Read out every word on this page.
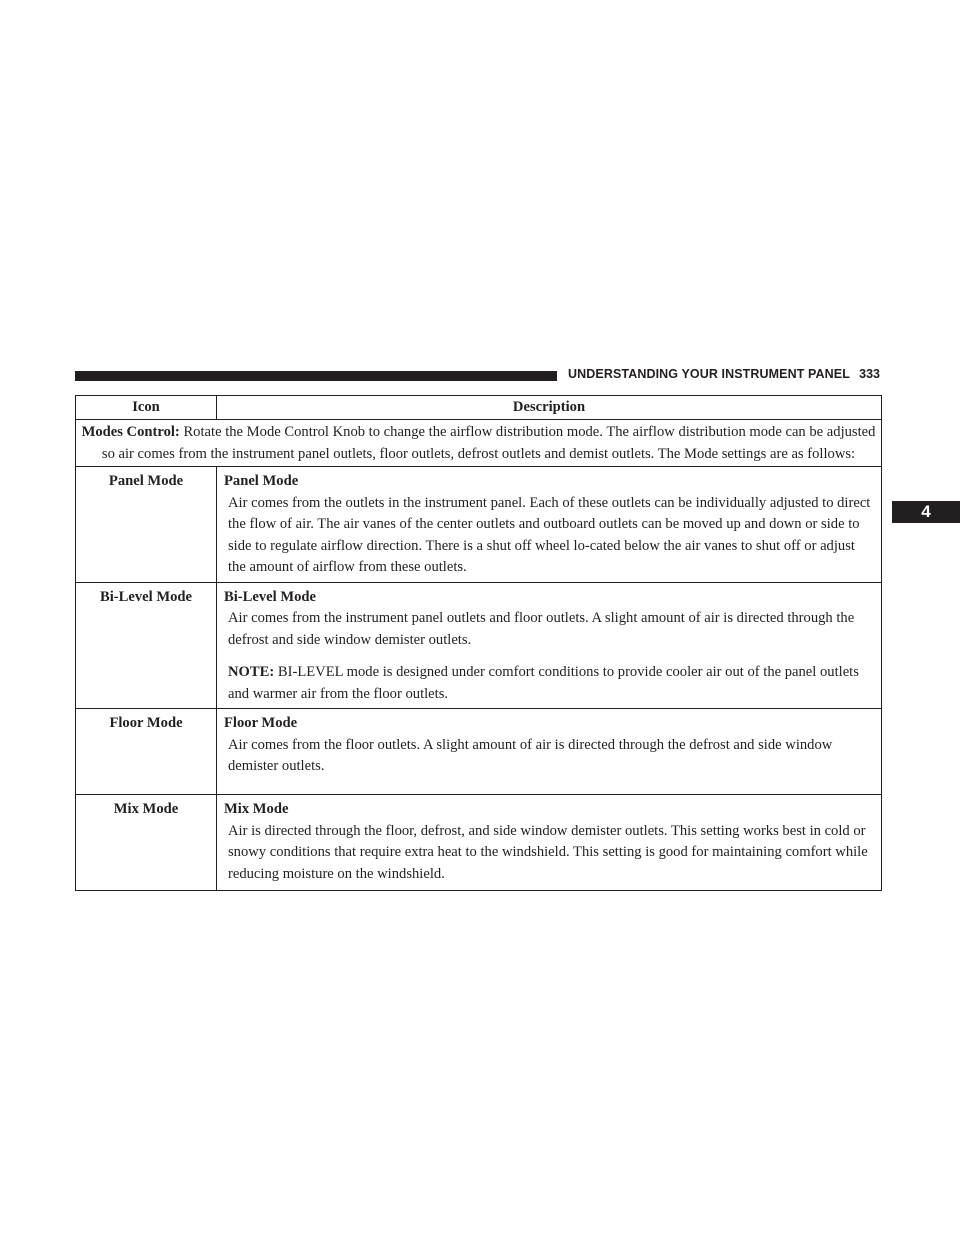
UNDERSTANDING YOUR INSTRUMENT PANEL 333
4
Icon	Description
Modes Control: Rotate the Mode Control Knob to change the airflow distribution mode. The airflow distribution mode can be adjusted so air comes from the instrument panel outlets, floor outlets, defrost outlets and demist outlets. The Mode settings are as follows:	
Panel Mode	Panel Mode
Air comes from the outlets in the instrument panel. Each of these outlets can be individually adjusted to direct the flow of air. The air vanes of the center outlets and outboard outlets can be moved up and down or side to side to regulate airflow direction. There is a shut off wheel lo-cated below the air vanes to shut off or adjust the amount of airflow from these outlets.

Bi-Level Mode	Bi-Level Mode
Air comes from the instrument panel outlets and floor outlets. A slight amount of air is directed through the defrost and side window demister outlets.
NOTE: BI-LEVEL mode is designed under comfort conditions to provide cooler air out of the panel outlets and warmer air from the floor outlets.

Floor Mode	Floor Mode
Air comes from the floor outlets. A slight amount of air is directed through the defrost and side window demister outlets.

Mix Mode	Mix Mode
Air is directed through the floor, defrost, and side window demister outlets. This setting works best in cold or snowy conditions that require extra heat to the windshield. This setting is good for maintaining comfort while reducing moisture on the windshield.
